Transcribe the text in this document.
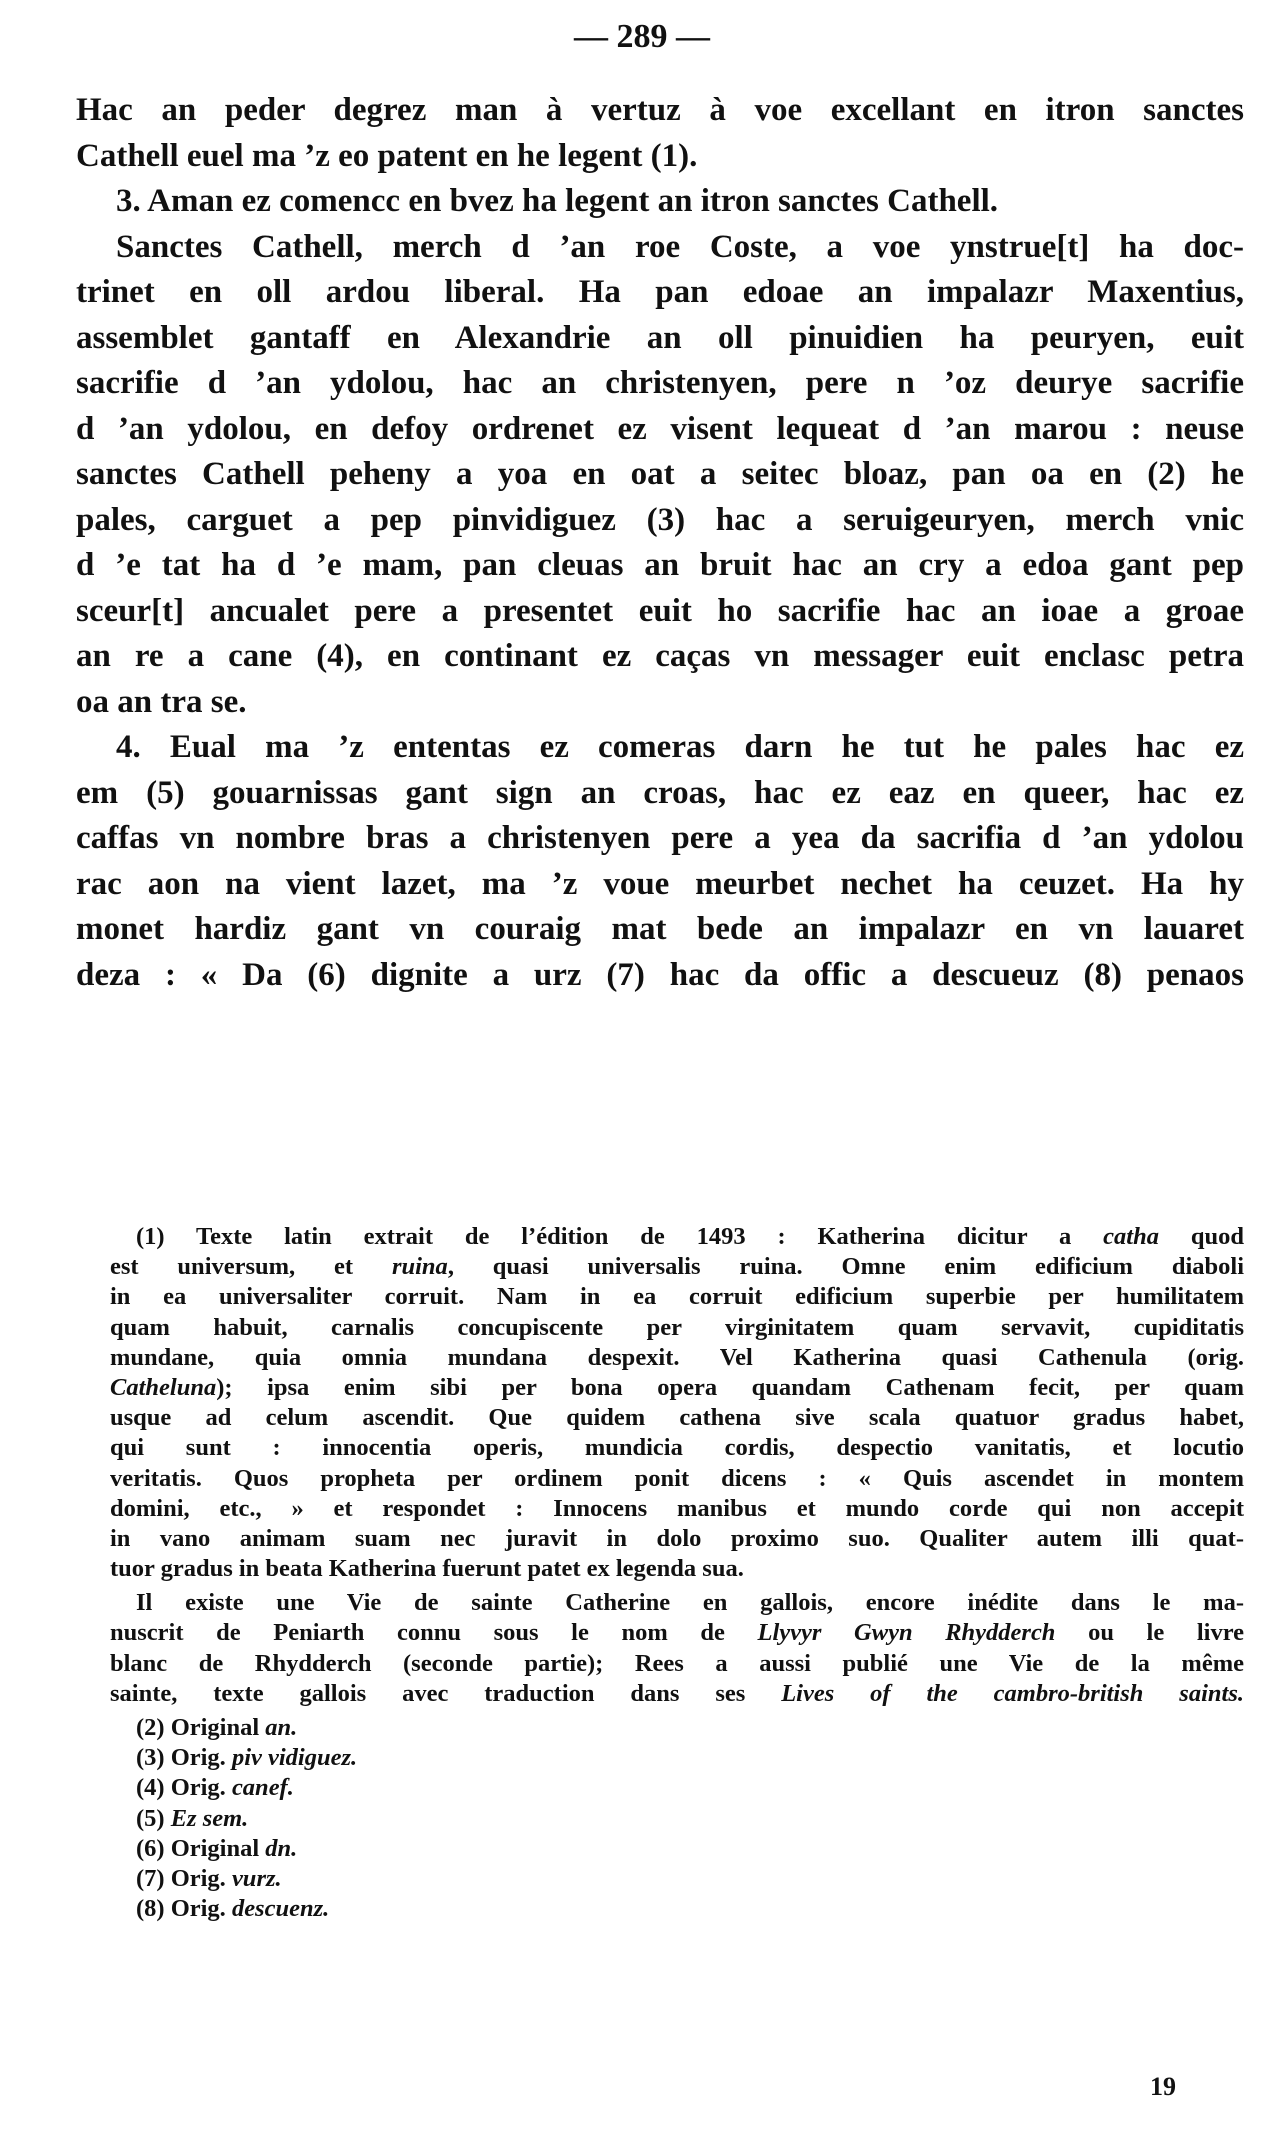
— 289 —
Hac an peder degrez man à vertuz à voe excellant en itron sanctes
Cathell euel ma ’z eo patent en he legent (1).
3. Aman ez comencc en bvez ha legent an itron sanctes Cathell.
Sanctes Cathell, merch d ’an roe Coste, a voe ynstrue[t] ha doc-
trinet en oll ardou liberal. Ha pan edoae an impalazr Maxentius,
assemblet gantaff en Alexandrie an oll pinuidien ha peuryen, euit
sacrifie d ’an ydolou, hac an christenyen, pere n ’oz deurye sacrifie
d ’an ydolou, en defoy ordrenet ez visent lequeat d ’an marou : neuse
sanctes Cathell peheny a yoa en oat a seitec bloaz, pan oa en (2) he
pales, carguet a pep pinvidiguez (3) hac a seruigeuryen, merch vnic
d ’e tat ha d ’e mam, pan cleuas an bruit hac an cry a edoa gant pep
sceur[t] ancualet pere a presentet euit ho sacrifie hac an ioae a groae
an re a cane (4), en continant ez caças vn messager euit enclasc petra
oa an tra se.
4. Eual ma ’z ententas ez comeras darn he tut he pales hac ez
em (5) gouarnissas gant sign an croas, hac ez eaz en queer, hac ez
caffas vn nombre bras a christenyen pere a yea da sacrifia d ’an ydolou
rac aon na vient lazet, ma ’z voue meurbet nechet ha ceuzet. Ha hy
monet hardiz gant vn couraig mat bede an impalazr en vn lauaret
deza : « Da (6) dignite a urz (7) hac da offic a descueuz (8) penaos
(1) Texte latin extrait de l’édition de 1493 : Katherina dicitur a catha quod
est universum, et ruina, quasi universalis ruina. Omne enim edificium diaboli
in ea universaliter corruit. Nam in ea corruit edificium superbie per humilitatem
quam habuit, carnalis concupiscente per virginitatem quam servavit, cupiditatis
mundane, quia omnia mundana despexit. Vel Katherina quasi Cathenula (orig.
Catheluna); ipsa enim sibi per bona opera quandam Cathenam fecit, per quam
usque ad celum ascendit. Que quidem cathena sive scala quatuor gradus habet,
qui sunt : innocentia operis, mundicia cordis, despectio vanitatis, et locutio
veritatis. Quos propheta per ordinem ponit dicens : « Quis ascendet in montem
domini, etc., » et respondet : Innocens manibus et mundo corde qui non accepit
in vano animam suam nec juravit in dolo proximo suo. Qualiter autem illi quat-
tuor gradus in beata Katherina fuerunt patet ex legenda sua.
Il existe une Vie de sainte Catherine en gallois, encore inédite dans le ma-
nuscrit de Peniarth connu sous le nom de Llyvyr Gwyn Rhydderch ou le livre
blanc de Rhydderch (seconde partie); Rees a aussi publié une Vie de la même
sainte, texte gallois avec traduction dans ses Lives of the cambro-british saints.
(2) Original an.
(3) Orig. piv vidiguez.
(4) Orig. canef.
(5) Ez sem.
(6) Original dn.
(7) Orig. vurz.
(8) Orig. descuenz.
19
